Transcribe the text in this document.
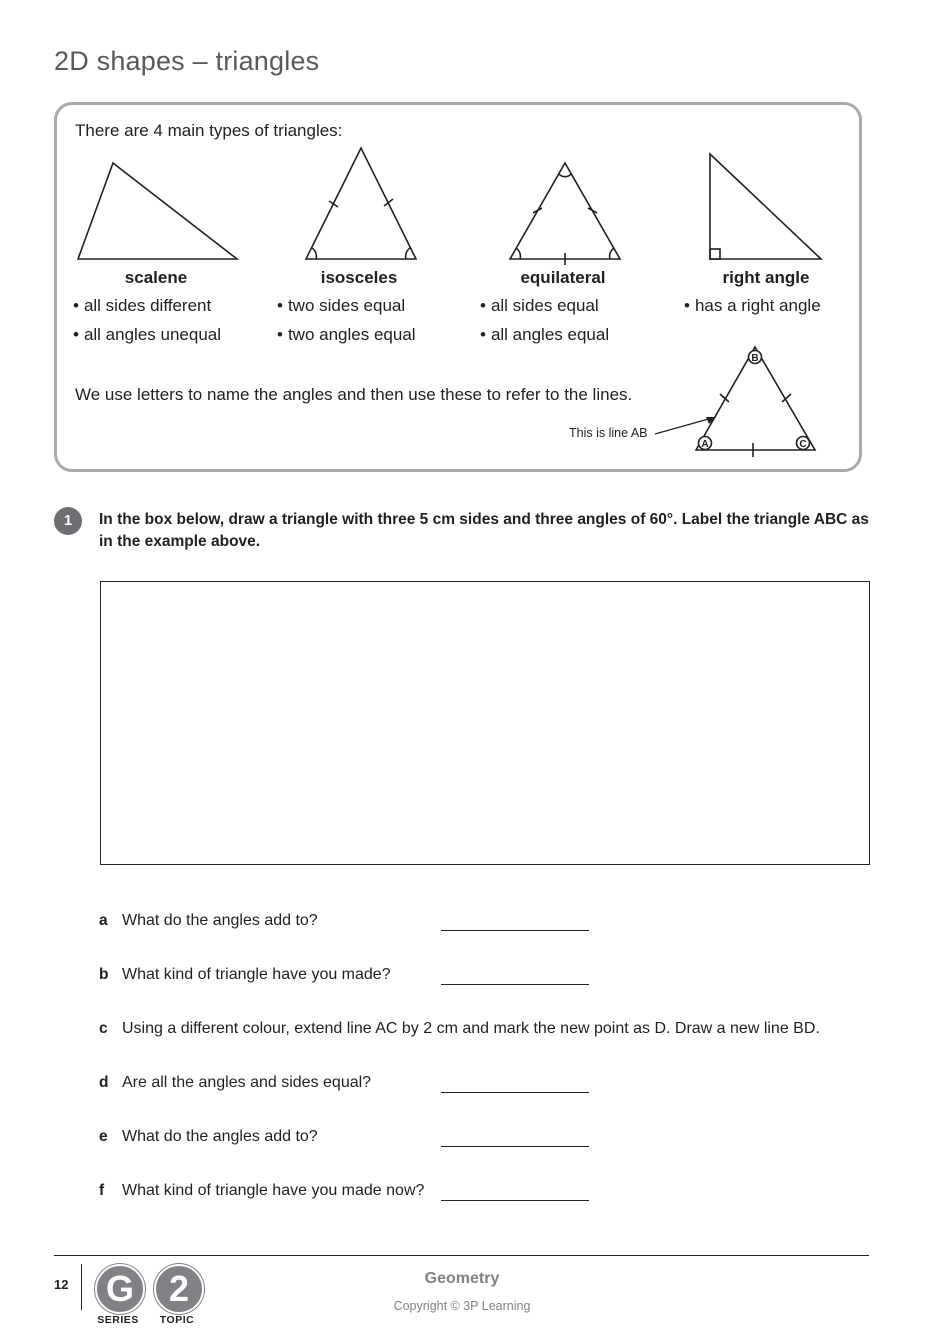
2D shapes – triangles
There are 4 main types of triangles:
B
A	C
scalene	isosceles	equilateral	right angle
• all sides different
• all angles unequal
• two sides equal
• two angles equal
• all sides equal
• all angles equal
• has a right angle
We use letters to name the angles and then use these to refer to the lines.
This is line AB
1	In the box below, draw a triangle with three 5 cm sides and three angles of 60°. Label the triangle ABC as in the example above.
a What do the angles add to?
b What kind of triangle have you made?
c Using a different colour, extend line AC by 2 cm and mark the new point as D. Draw a new line BD.
d Are all the angles and sides equal?
e What do the angles add to?
f What kind of triangle have you made now?
12	G
SERIES
2
TOPIC
Geometry
Copyright © 3P Learning
